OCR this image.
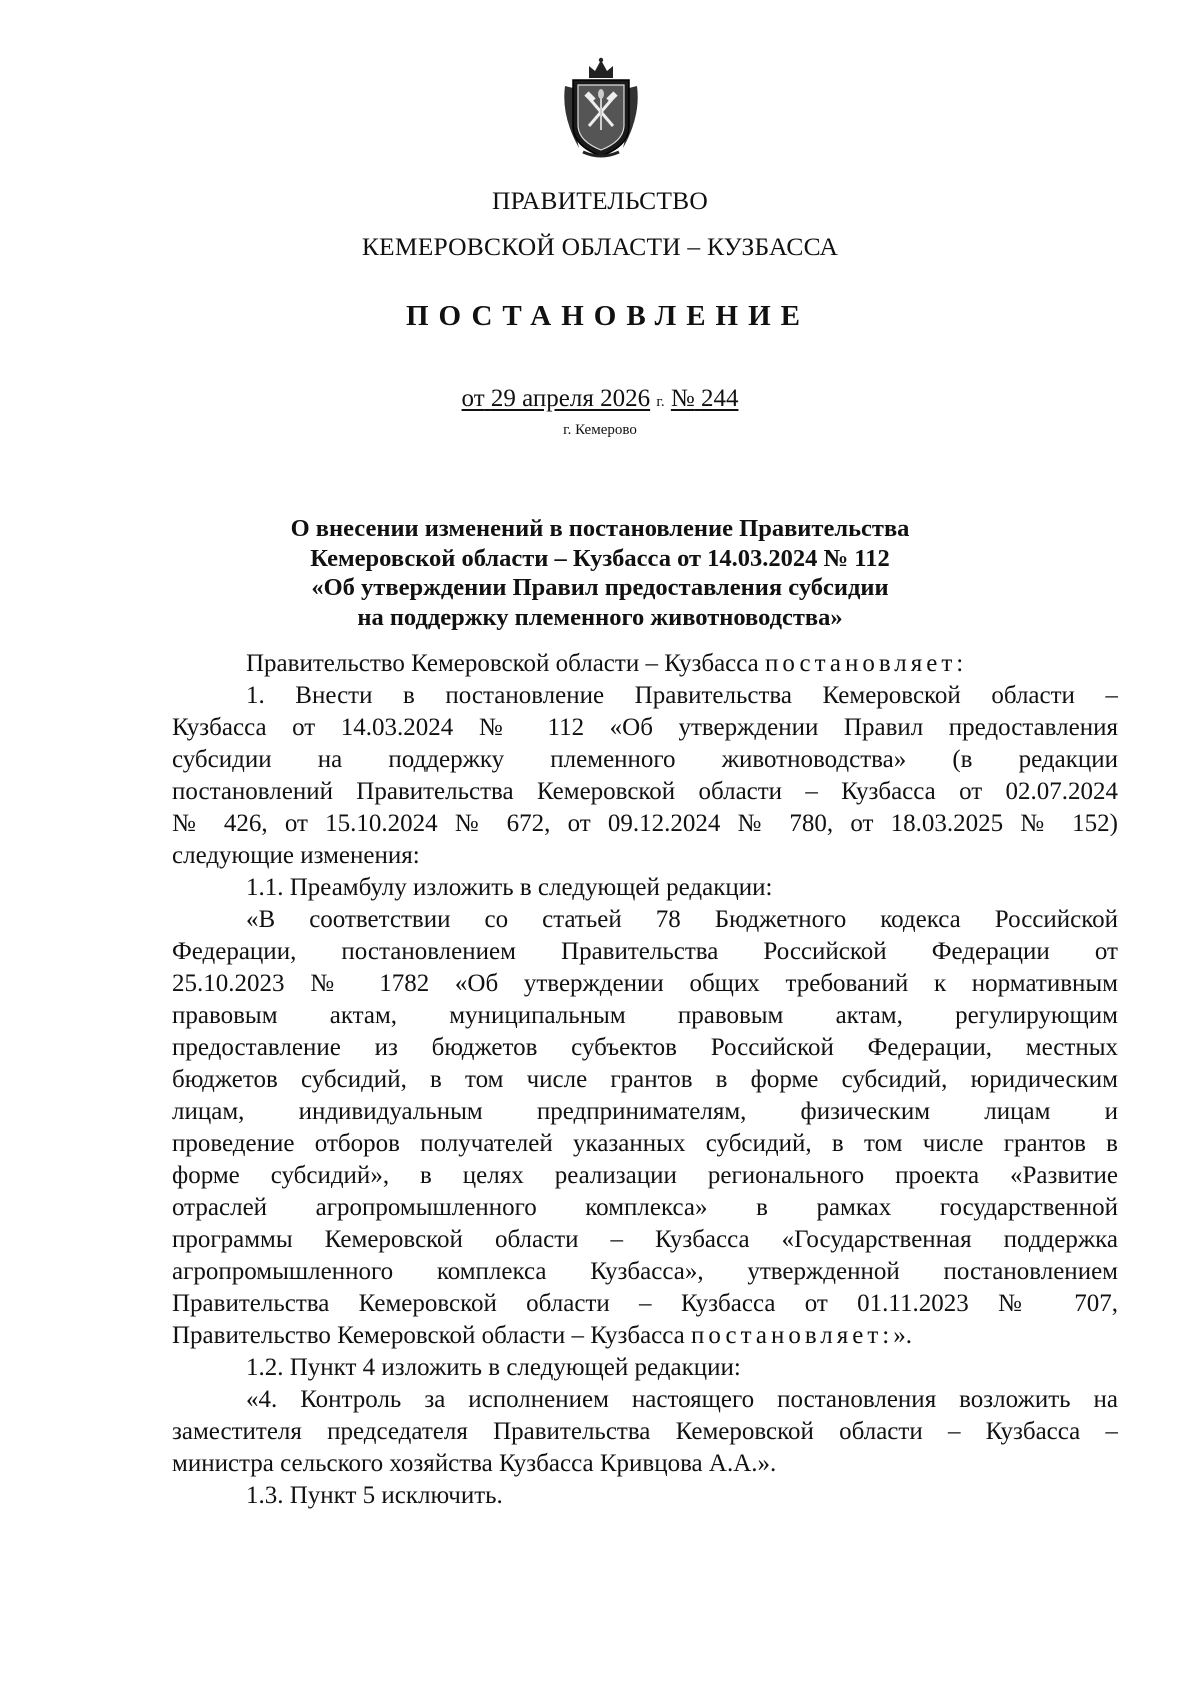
ПРАВИТЕЛЬСТВО
КЕМЕРОВСКОЙ ОБЛАСТИ – КУЗБАССА
ПОСТАНОВЛЕНИЕ
от 29 апреля 2026 г. № 244
г. Кемерово
О внесении изменений в постановление Правительства
Кемеровской области – Кузбасса от 14.03.2024 № 112
«Об утверждении Правил предоставления субсидии
на поддержку племенного животноводства»
Правительство Кемеровской области – Кузбасса постановляет:
1. Внести в постановление Правительства Кемеровской области –
Кузбасса от 14.03.2024 № 112 «Об утверждении Правил предоставления
субсидии на поддержку племенного животноводства» (в редакции
постановлений Правительства Кемеровской области – Кузбасса от 02.07.2024
№ 426, от 15.10.2024 № 672, от 09.12.2024 № 780, от 18.03.2025 № 152)
следующие изменения:
1.1. Преамбулу изложить в следующей редакции:
«В соответствии со статьей 78 Бюджетного кодекса Российской
Федерации, постановлением Правительства Российской Федерации от
25.10.2023 № 1782 «Об утверждении общих требований к нормативным
правовым актам, муниципальным правовым актам, регулирующим
предоставление из бюджетов субъектов Российской Федерации, местных
бюджетов субсидий, в том числе грантов в форме субсидий, юридическим
лицам, индивидуальным предпринимателям, физическим лицам и
проведение отборов получателей указанных субсидий, в том числе грантов в
форме субсидий», в целях реализации регионального проекта «Развитие
отраслей агропромышленного комплекса» в рамках государственной
программы Кемеровской области – Кузбасса «Государственная поддержка
агропромышленного комплекса Кузбасса», утвержденной постановлением
Правительства Кемеровской области – Кузбасса от 01.11.2023 № 707,
Правительство Кемеровской области – Кузбасса постановляет:».
1.2. Пункт 4 изложить в следующей редакции:
«4. Контроль за исполнением настоящего постановления возложить на
заместителя председателя Правительства Кемеровской области – Кузбасса –
министра сельского хозяйства Кузбасса Кривцова А.А.».
1.3. Пункт 5 исключить.
